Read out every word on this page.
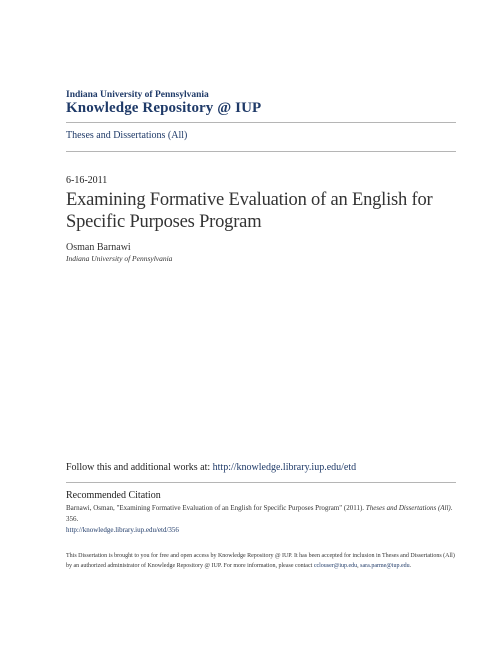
Indiana University of Pennsylvania
Knowledge Repository @ IUP
Theses and Dissertations (All)
6-16-2011
Examining Formative Evaluation of an English for Specific Purposes Program
Osman Barnawi
Indiana University of Pennsylvania
Follow this and additional works at: http://knowledge.library.iup.edu/etd
Recommended Citation
Barnawi, Osman, "Examining Formative Evaluation of an English for Specific Purposes Program" (2011). Theses and Dissertations (All). 356.
http://knowledge.library.iup.edu/etd/356
This Dissertation is brought to you for free and open access by Knowledge Repository @ IUP. It has been accepted for inclusion in Theses and Dissertations (All) by an authorized administrator of Knowledge Repository @ IUP. For more information, please contact cclouser@iup.edu, sara.parme@iup.edu.
